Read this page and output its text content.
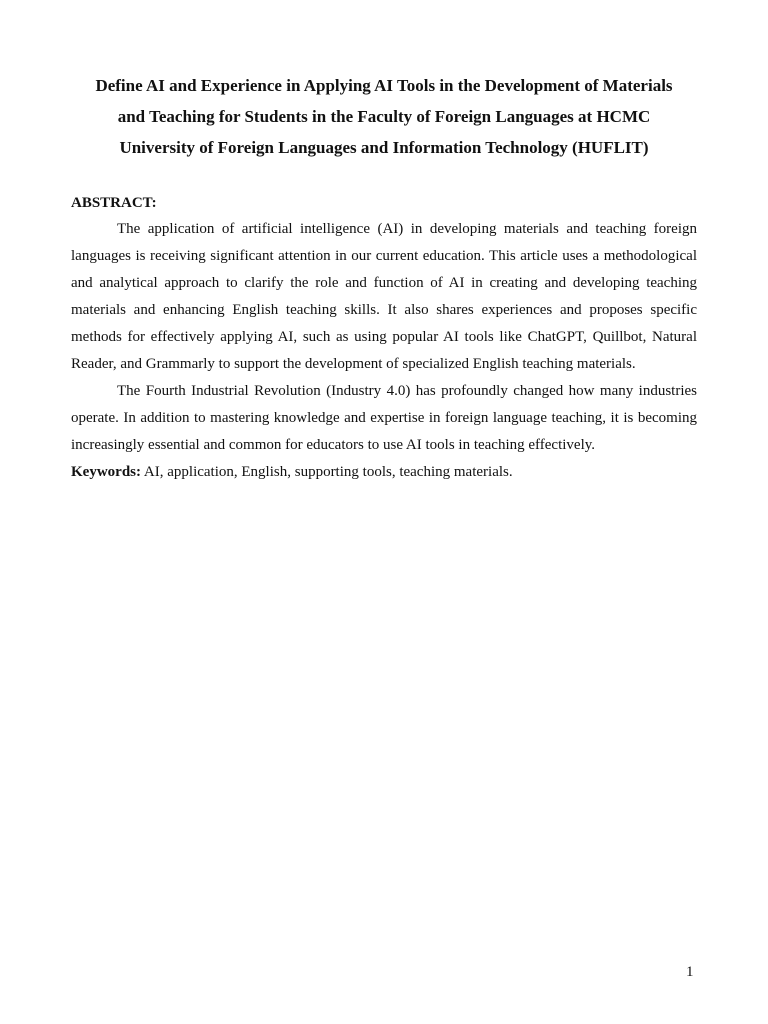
Define AI and Experience in Applying AI Tools in the Development of Materials
and Teaching for Students in the Faculty of Foreign Languages at HCMC
University of Foreign Languages and Information Technology (HUFLIT)

ABSTRACT:

The application of artificial intelligence (AI) in developing materials and teaching foreign languages is receiving significant attention in our current education. This article uses a methodological and analytical approach to clarify the role and function of AI in creating and developing teaching materials and enhancing English teaching skills. It also shares experiences and proposes specific methods for effectively applying AI, such as using popular AI tools like ChatGPT, Quillbot, Natural Reader, and Grammarly to support the development of specialized English teaching materials.

The Fourth Industrial Revolution (Industry 4.0) has profoundly changed how many industries operate. In addition to mastering knowledge and expertise in foreign language teaching, it is becoming increasingly essential and common for educators to use AI tools in teaching effectively.

Keywords: AI, application, English, supporting tools, teaching materials.

1
